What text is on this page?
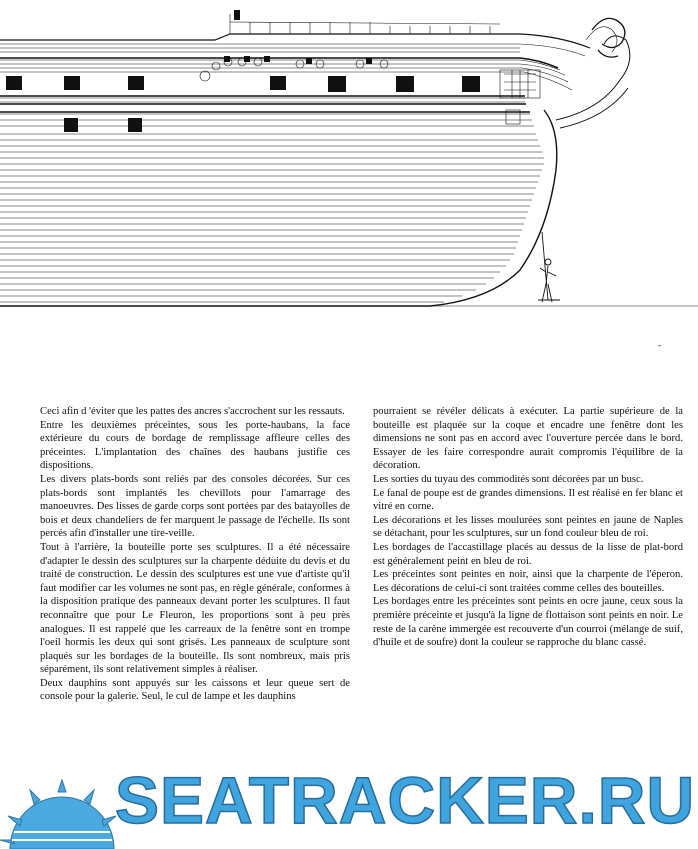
-

Ceci afin d 'éviter que les pattes des ancres s'accrochent sur les ressauts.

Entre les deuxièmes préceintes, sous les porte-haubans, la face extérieure du cours de bordage de remplissage affleure celles des préceintes. L'implantation des chaînes des haubans justifie ces dispositions.

Les divers plats-bords sont reliés par des consoles décorées. Sur ces plats-bords sont implantés les chevillots pour l'amarrage des manoeuvres. Des lisses de garde corps sont portées par des batayolles de bois et deux chandeliers de fer marquent le passage de l'échelle. Ils sont percés afin d'installer une tire-veille.

Tout à l'arrière, la bouteille porte ses sculptures. Il a été nécessaire d'adapter le dessin des sculptures sur la charpente déduite du devis et du traité de construction. Le dessin des sculptures est une vue d'artiste qu'il faut modifier car les volumes ne sont pas, en règle générale, conformes à la disposition pratique des panneaux devant porter les sculptures. Il faut reconnaître que pour Le Fleuron, les proportions sont à peu près analogues. Il est rappelé que les carreaux de la fenêtre sont en trompe l'oeil hormis les deux qui sont grisés. Les panneaux de sculpture sont plaqués sur les bordages de la bouteille. Ils sont nombreux, mais pris séparément, ils sont relativement simples à réaliser.

Deux dauphins sont appuyés sur les caissons et leur queue sert de console pour la galerie. Seul, le cul de lampe et les dauphins

pourraient se révéler délicats à exécuter. La partie supérieure de la bouteille est plaquée sur la coque et encadre une fenêtre dont les dimensions ne sont pas en accord avec l'ouverture percée dans le bord. Essayer de les faire correspondre aurait compromis l'équilibre de la décoration.

Les sorties du tuyau des commodités sont décorées par un busc.

Le fanal de poupe est de grandes dimensions. Il est réalisé en fer blanc et vitré en corne.

Les décorations et les lisses moulurées sont peintes en jaune de Naples se détachant, pour les sculptures, sur un fond couleur bleu de roi.

Les bordages de l'accastillage placés au dessus de la lisse de plat-bord est généralement peint en bleu de roi.

Les préceintes sont peintes en noir, ainsi que la charpente de l'éperon. Les décorations de celui-ci sont traitées comme celles des bouteilles.

Les bordages entre les préceintes sont peints en ocre jaune, ceux sous la première préceinte et jusqu'à la ligne de flottaison sont peints en noir. Le reste de la carène immergée est recouverte d'un courroi (mélange de suif, d'huile et de soufre) dont la couleur se rapproche du blanc cassé.

SEATRACKER.RU
